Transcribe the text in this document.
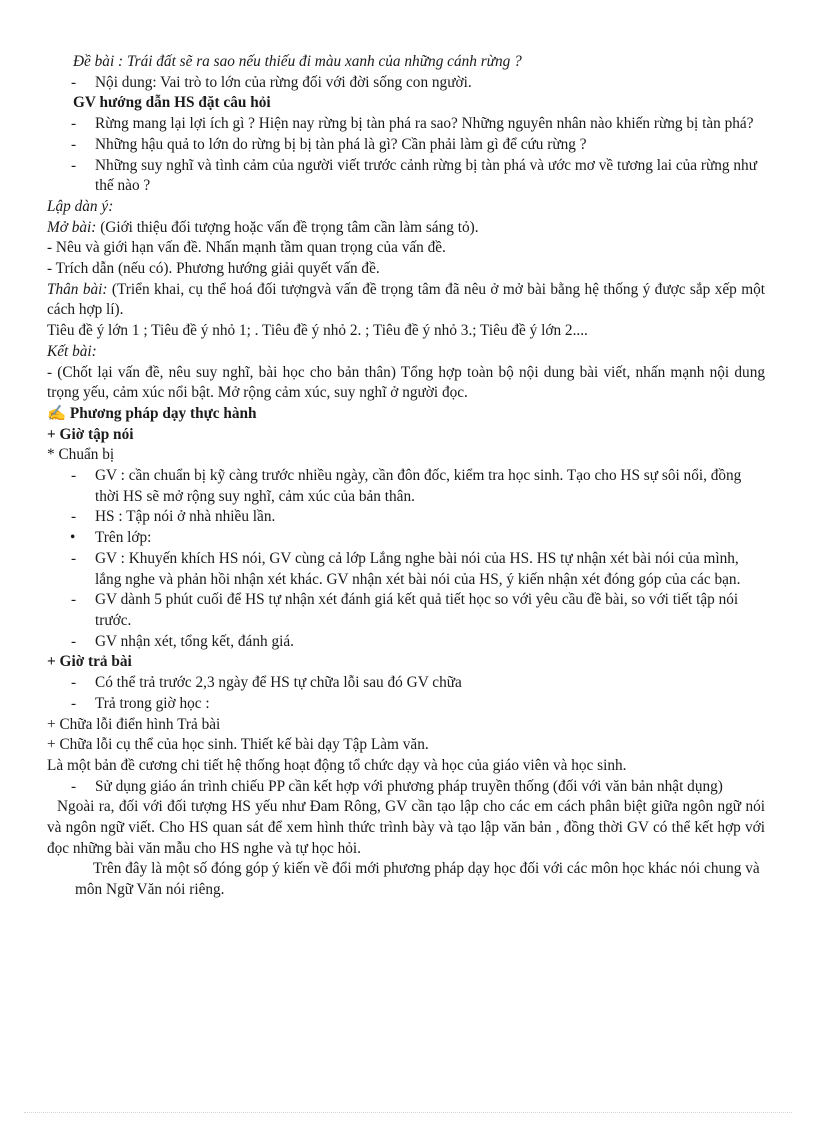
Đề bài : Trái đất sẽ ra sao nếu thiếu đi màu xanh của những cánh rừng ?
- Nội dung: Vai trò to lớn của rừng đối với đời sống con người.
GV hướng dẫn HS đặt câu hỏi
- Rừng mang lại lợi ích gì ? Hiện nay rừng bị tàn phá ra sao? Những nguyên nhân nào khiến rừng bị tàn phá?
- Những hậu quả to lớn do rừng bị bị tàn phá là gì? Cần phải làm gì để cứu rừng ?
- Những suy nghĩ và tình cảm của người viết trước cảnh rừng bị tàn phá và ước mơ về tương lai của rừng như thế nào ?
Lập dàn ý:
Mở bài: (Giới thiệu đối tượng hoặc vấn đề trọng tâm cần làm sáng tỏ).
- Nêu và giới hạn vấn đề. Nhấn mạnh tầm quan trọng của vấn đề.
- Trích dẫn (nếu có). Phương hướng giải quyết vấn đề.
Thân bài: (Triển khai, cụ thể hoá đối tượngvà vấn đề trọng tâm đã nêu ở mở bài bằng hệ thống ý được sắp xếp một cách hợp lí).
Tiêu đề ý lớn 1 ; Tiêu đề ý nhỏ 1; . Tiêu đề ý nhỏ 2. ; Tiêu đề ý nhỏ 3.; Tiêu đề ý lớn 2....
Kết bài:
- (Chốt lại vấn đề, nêu suy nghĩ, bài học cho bản thân) Tổng hợp toàn bộ nội dung bài viết, nhấn mạnh nội dung trọng yếu, cảm xúc nổi bật. Mở rộng cảm xúc, suy nghĩ ở người đọc.
✍ Phương pháp dạy thực hành
+ Giờ tập nói
* Chuẩn bị
- GV : cần chuẩn bị kỹ càng trước nhiều ngày, cần đôn đốc, kiểm tra học sinh. Tạo cho HS sự sôi nổi, đồng thời HS sẽ mở rộng suy nghĩ, cảm xúc của bản thân.
- HS : Tập nói ở nhà nhiều lần.
• Trên lớp:
- GV : Khuyến khích HS nói, GV cùng cả lớp Lắng nghe bài nói của HS. HS tự nhận xét bài nói của mình, lắng nghe và phản hồi nhận xét khác. GV nhận xét bài nói của HS, ý kiến nhận xét đóng góp của các bạn.
- GV dành 5 phút cuối để HS tự nhận xét đánh giá kết quả tiết học so với yêu cầu đề bài, so với tiết tập nói trước.
- GV nhận xét, tổng kết, đánh giá.
+ Giờ trả bài
- Có thể trả trước 2,3 ngày để HS tự chữa lỗi sau đó GV chữa
- Trả trong giờ học :
+ Chữa lỗi điển hình Trả bài
+ Chữa lỗi cụ thể của học sinh. Thiết kế bài dạy Tập Làm văn.
Là một bản đề cương chi tiết hệ thống hoạt động tổ chức dạy và học của giáo viên và học sinh.
- Sử dụng giáo án trình chiếu PP cần kết hợp với phương pháp truyền thống (đối với văn bản nhật dụng)
Ngoài ra, đối với đối tượng HS yếu như Đam Rông, GV cần tạo lập cho các em cách phân biệt giữa ngôn ngữ nói và ngôn ngữ viết. Cho HS quan sát để xem hình thức trình bày và tạo lập văn bản , đồng thời GV có thể kết hợp với đọc những bài văn mẫu cho HS nghe và tự học hỏi.
Trên đây là một số đóng góp ý kiến về đổi mới phương pháp dạy học đối với các môn học khác nói chung và môn Ngữ Văn nói riêng.
